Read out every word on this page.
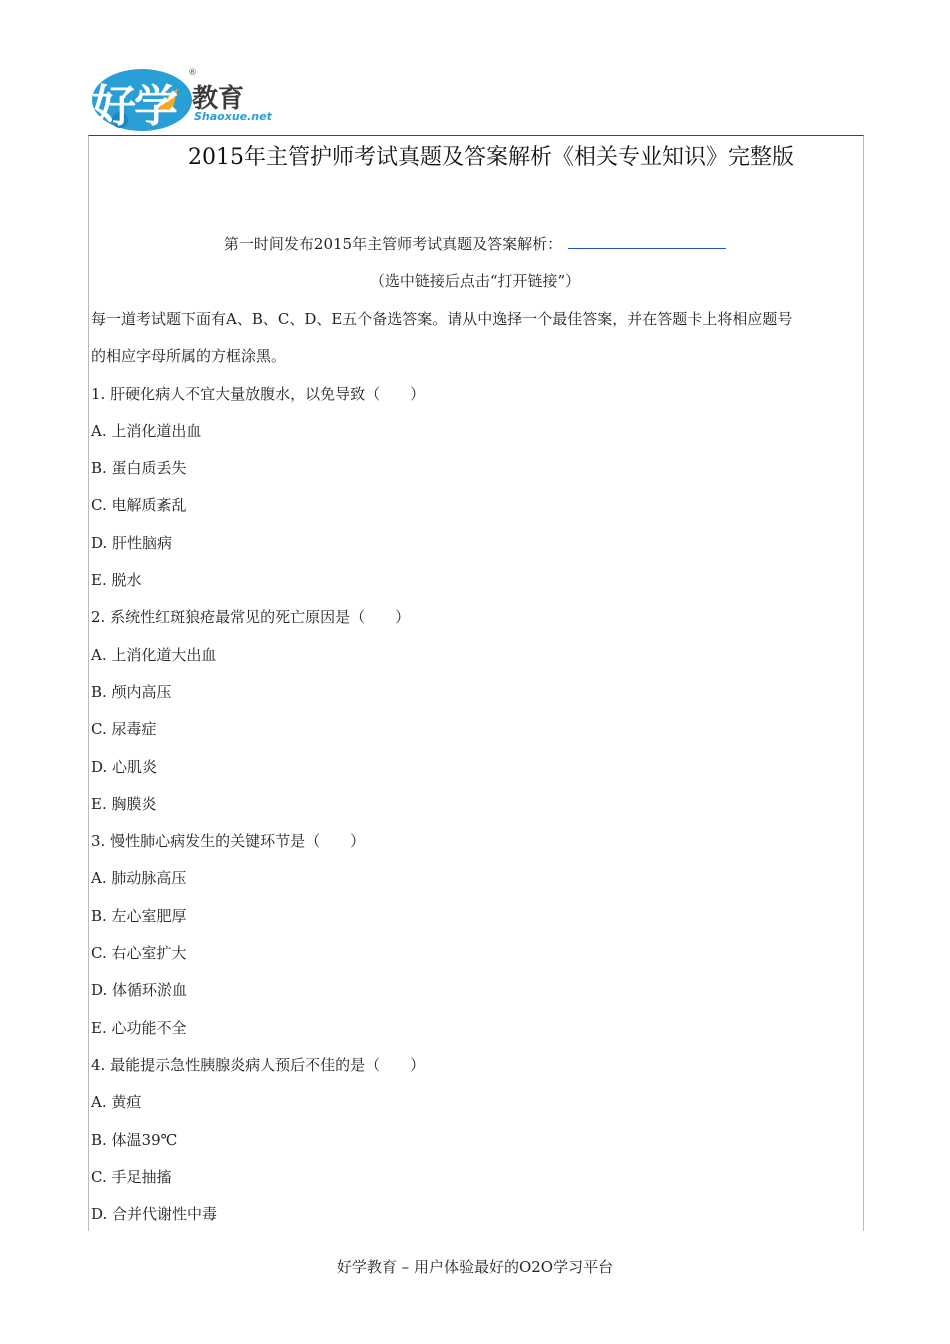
好学 教育
®
Shaoxue.net
2015年主管护师考试真题及答案解析《相关专业知识》完整版
第一时间发布2015年主管师考试真题及答案解析：
（选中链接后点击“打开链接”）
每一道考试题下面有A、B、C、D、E五个备选答案。请从中逸择一个最佳答案，并在答题卡上将相应题号
的相应字母所属的方框涂黑。
1. 肝硬化病人不宜大量放腹水，以免导致（　　）
A. 上消化道出血
B. 蛋白质丢失
C. 电解质紊乱
D. 肝性脑病
E. 脱水
2. 系统性红斑狼疮最常见的死亡原因是（　　）
A. 上消化道大出血
B. 颅内高压
C. 尿毒症
D. 心肌炎
E. 胸膜炎
3. 慢性肺心病发生的关键环节是（　　）
A. 肺动脉高压
B. 左心室肥厚
C. 右心室扩大
D. 体循环淤血
E. 心功能不全
4. 最能提示急性胰腺炎病人预后不佳的是（　　）
A. 黄疸
B. 体温39℃
C. 手足抽搐
D. 合并代谢性中毒
好学教育 – 用户体验最好的O2O学习平台
